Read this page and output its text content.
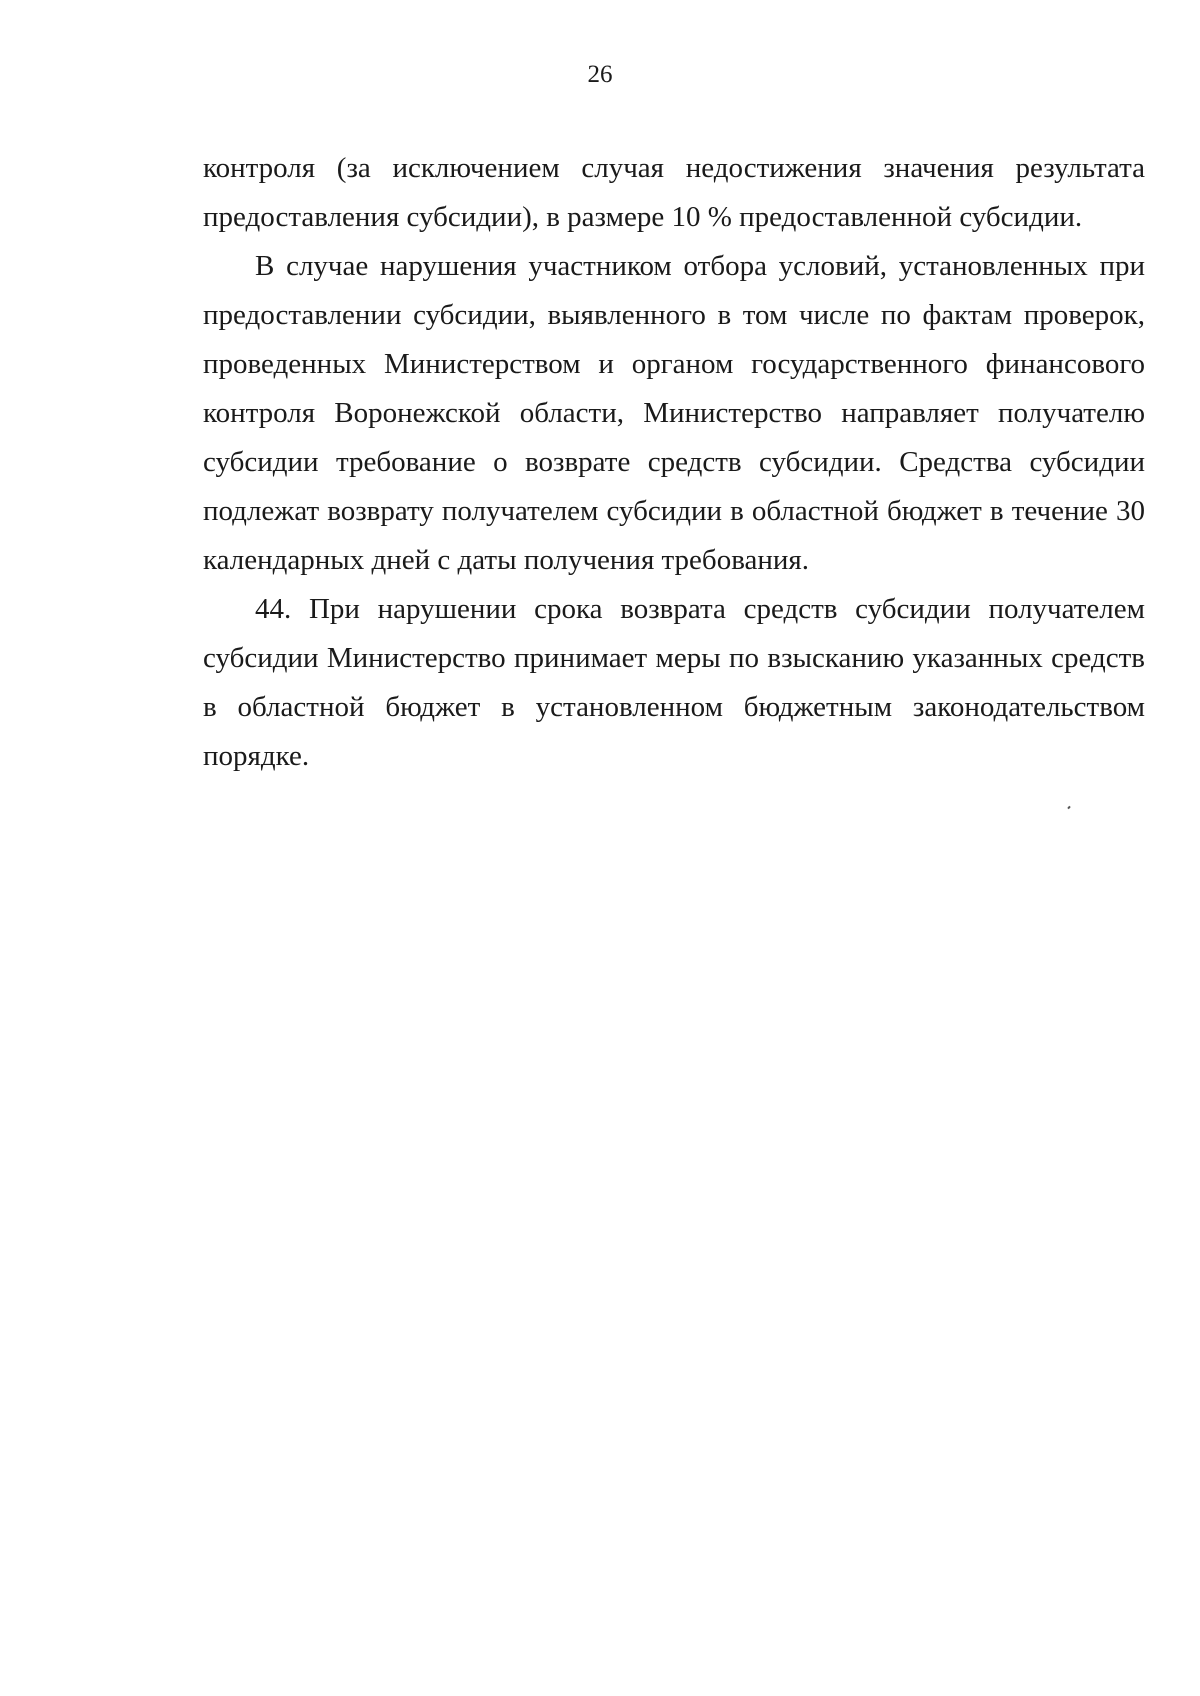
26

контроля (за исключением случая недостижения значения результата предоставления субсидии), в размере 10 % предоставленной субсидии.

В случае нарушения участником отбора условий, установленных при предоставлении субсидии, выявленного в том числе по фактам проверок, проведенных Министерством и органом государственного финансового контроля Воронежской области, Министерство направляет получателю субсидии требование о возврате средств субсидии. Средства субсидии подлежат возврату получателем субсидии в областной бюджет в течение 30 календарных дней с даты получения требования.

44. При нарушении срока возврата средств субсидии получателем субсидии Министерство принимает меры по взысканию указанных средств в областной бюджет в установленном бюджетным законодательством порядке.
